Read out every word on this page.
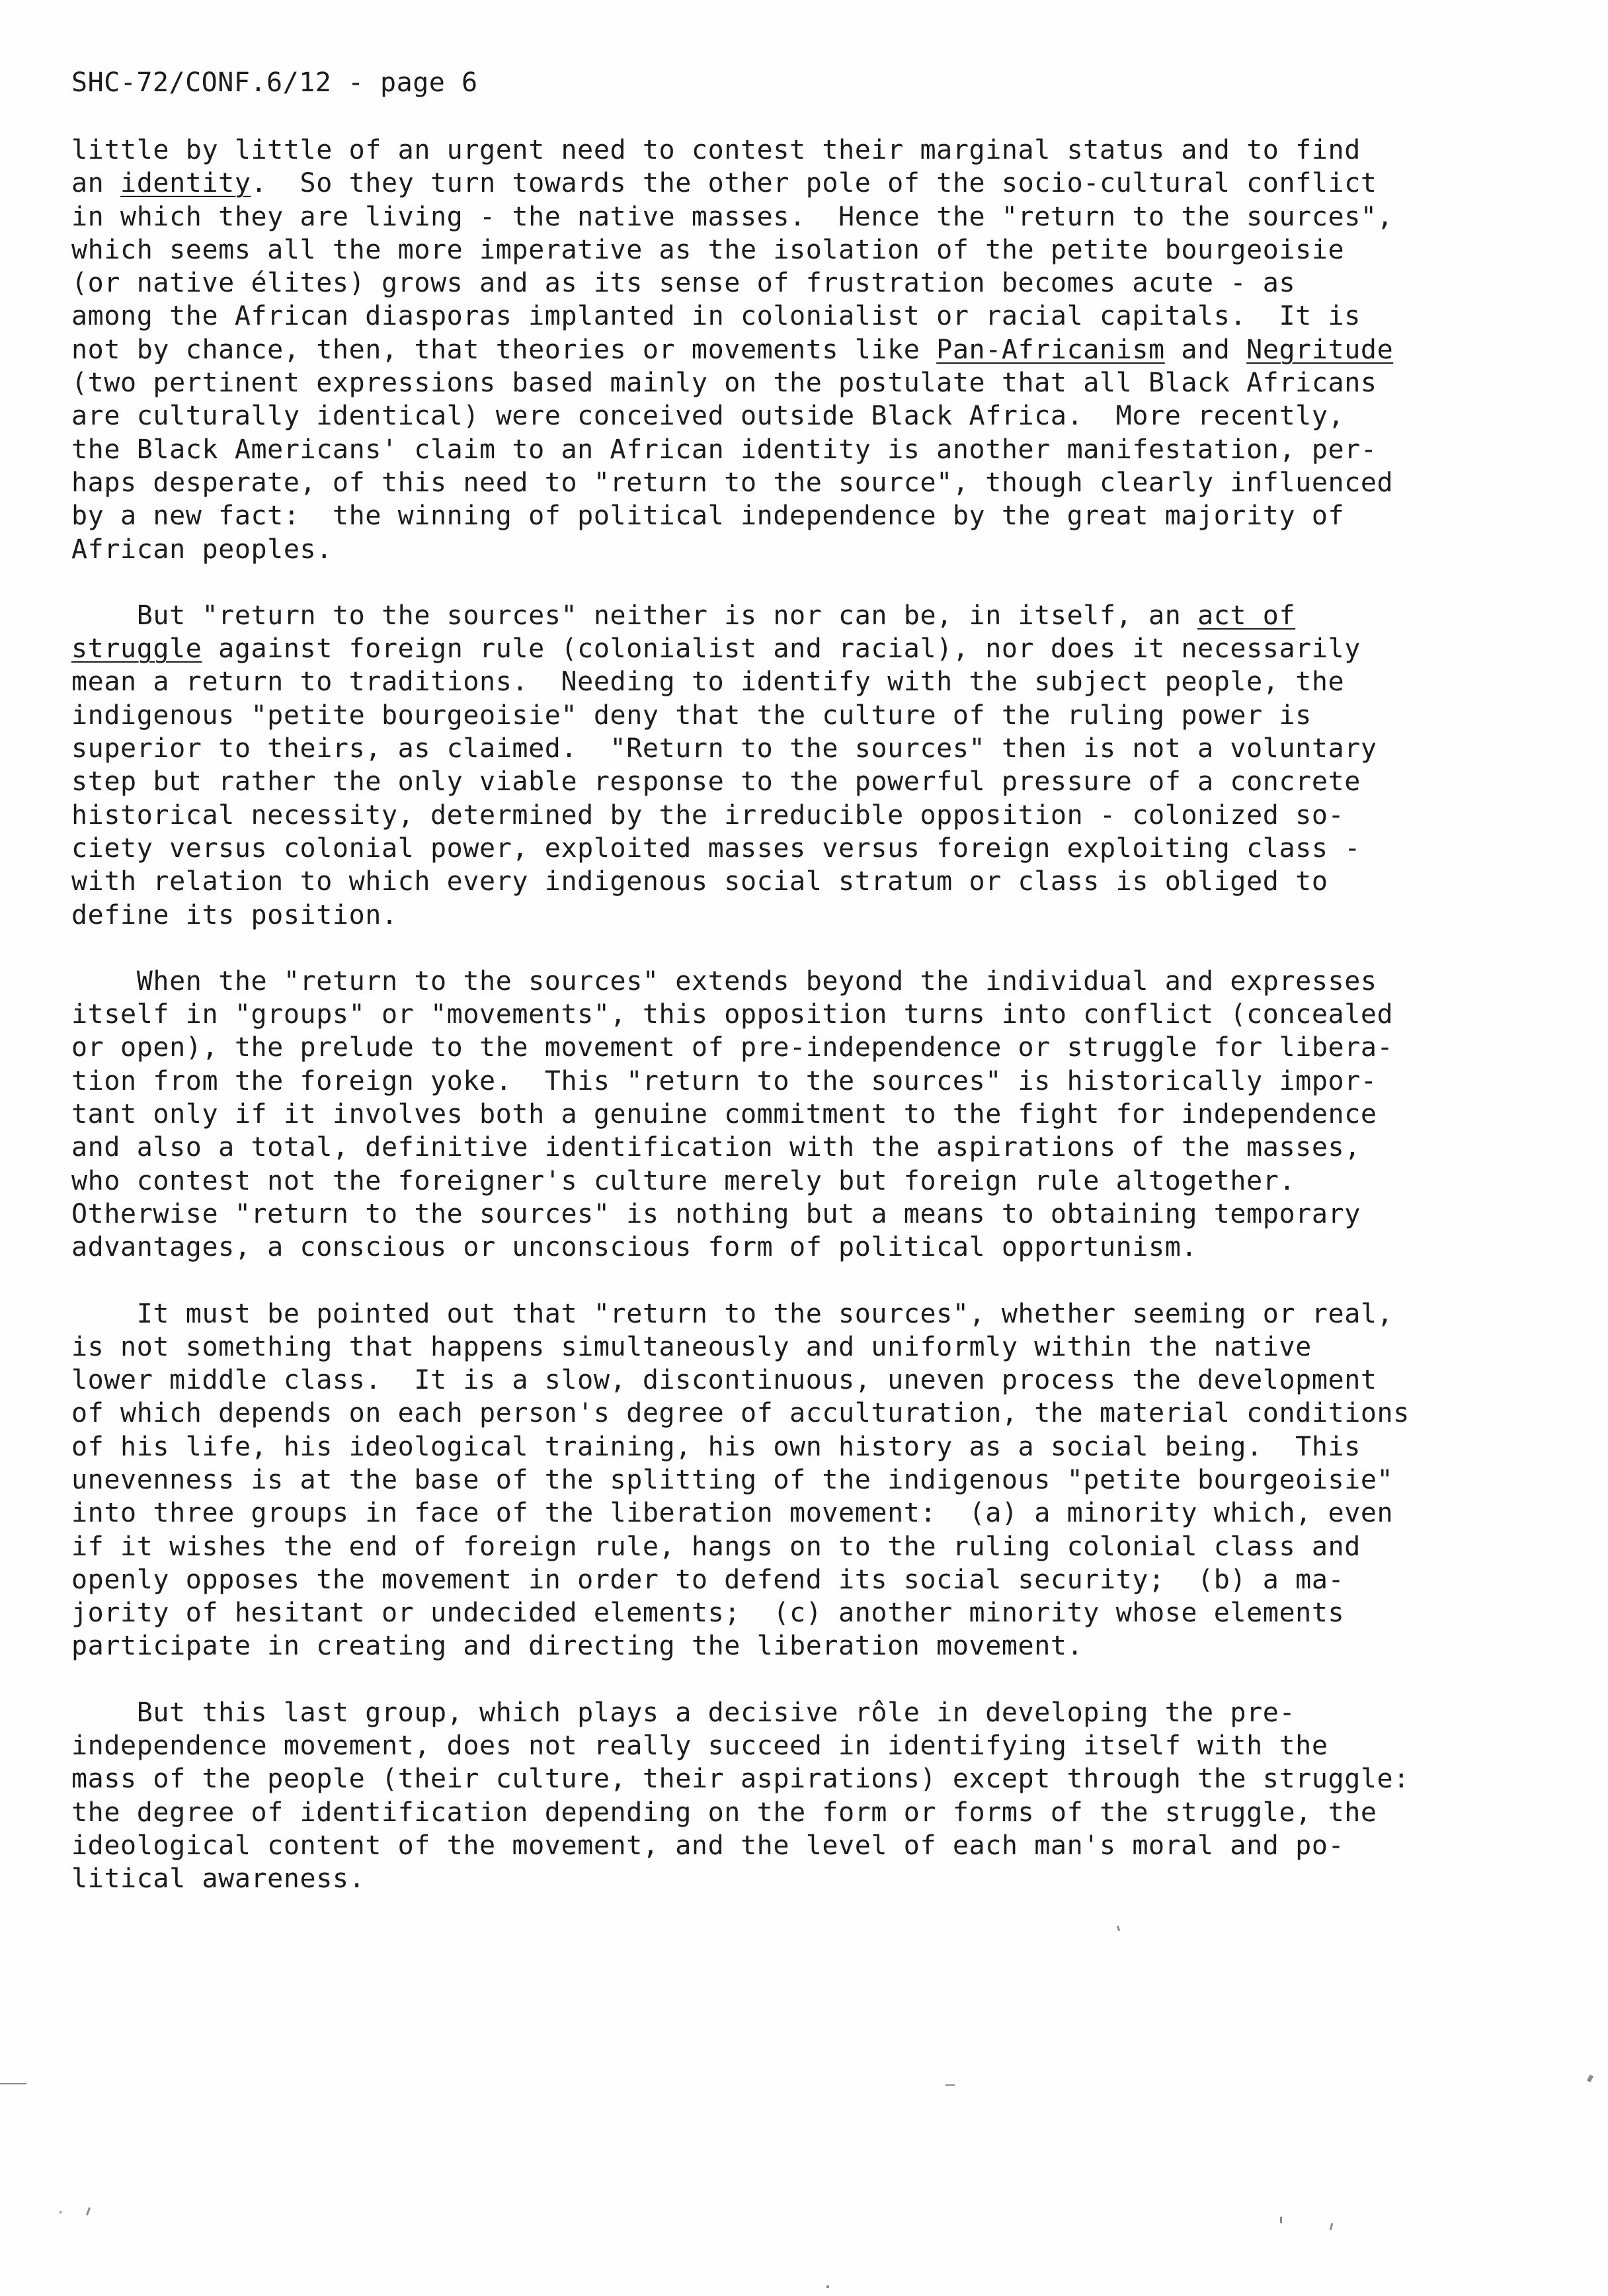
SHC-72/CONF.6/12 - page 6
little by little of an urgent need to contest their marginal status and to find
an identity.  So they turn towards the other pole of the socio-cultural conflict
in which they are living - the native masses.  Hence the "return to the sources",
which seems all the more imperative as the isolation of the petite bourgeoisie
(or native élites) grows and as its sense of frustration becomes acute - as
among the African diasporas implanted in colonialist or racial capitals.  It is
not by chance, then, that theories or movements like Pan-Africanism and Negritude
(two pertinent expressions based mainly on the postulate that all Black Africans
are culturally identical) were conceived outside Black Africa.  More recently,
the Black Americans' claim to an African identity is another manifestation, per-
haps desperate, of this need to "return to the source", though clearly influenced
by a new fact:  the winning of political independence by the great majority of
African peoples.
But "return to the sources" neither is nor can be, in itself, an act of
struggle against foreign rule (colonialist and racial), nor does it necessarily
mean a return to traditions.  Needing to identify with the subject people, the
indigenous "petite bourgeoisie" deny that the culture of the ruling power is
superior to theirs, as claimed.  "Return to the sources" then is not a voluntary
step but rather the only viable response to the powerful pressure of a concrete
historical necessity, determined by the irreducible opposition - colonized so-
ciety versus colonial power, exploited masses versus foreign exploiting class -
with relation to which every indigenous social stratum or class is obliged to
define its position.
When the "return to the sources" extends beyond the individual and expresses
itself in "groups" or "movements", this opposition turns into conflict (concealed
or open), the prelude to the movement of pre-independence or struggle for libera-
tion from the foreign yoke.  This "return to the sources" is historically impor-
tant only if it involves both a genuine commitment to the fight for independence
and also a total, definitive identification with the aspirations of the masses,
who contest not the foreigner's culture merely but foreign rule altogether.
Otherwise "return to the sources" is nothing but a means to obtaining temporary
advantages, a conscious or unconscious form of political opportunism.
It must be pointed out that "return to the sources", whether seeming or real,
is not something that happens simultaneously and uniformly within the native
lower middle class.  It is a slow, discontinuous, uneven process the development
of which depends on each person's degree of acculturation, the material conditions
of his life, his ideological training, his own history as a social being.  This
unevenness is at the base of the splitting of the indigenous "petite bourgeoisie"
into three groups in face of the liberation movement:  (a) a minority which, even
if it wishes the end of foreign rule, hangs on to the ruling colonial class and
openly opposes the movement in order to defend its social security;  (b) a ma-
jority of hesitant or undecided elements;  (c) another minority whose elements
participate in creating and directing the liberation movement.
But this last group, which plays a decisive rôle in developing the pre-
independence movement, does not really succeed in identifying itself with the
mass of the people (their culture, their aspirations) except through the struggle:
the degree of identification depending on the form or forms of the struggle, the
ideological content of the movement, and the level of each man's moral and po-
litical awareness.
